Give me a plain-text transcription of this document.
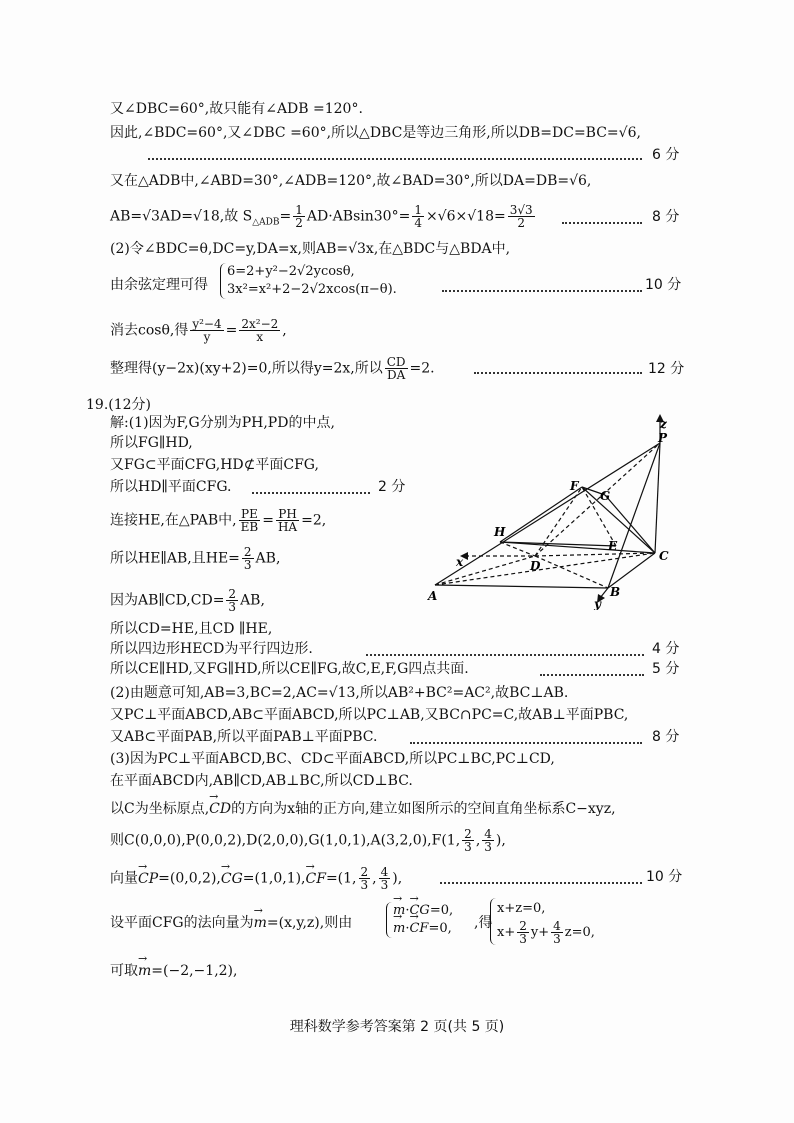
又∠DBC=60°,故只能有∠ADB =120°.
因此,∠BDC=60°,又∠DBC =60°,所以△DBC是等边三角形,所以DB=DC=BC=√6,
6 分
又在△ADB中,∠ABD=30°,∠ADB=120°,故∠BAD=30°,所以DA=DB=√6,
AB=√3AD=√18,故 $S_{\triangle ADB}= \frac{1}{2} AD\cdot ABsin30^\circ= \frac{1}{4} \times√6\times√18= \frac{3√3}{2}$	8 分
(2)令∠BDC=θ,DC=y,DA=x,则AB=√3x,在△BDC与△BDA中,
由余弦定理可得
6=2+y²−2√2ycosθ,
3x²=x²+2−2√2xcos(π−θ).	10 分
消去cosθ,得 $\frac{\text{y²−4}}{y} = \frac{\text{2x²−2}}{x}$ ,
整理得(y−2x)(xy+2)=0,所以得y=2x,所以 $\frac{CD}{DA} =2$.	12 分
19.(12分)
解:(1)因为F,G分别为PH,PD的中点,
所以FG∥HD,
又FG⊂平面CFG,HD⊄平面CFG,
所以HD∥平面CFG.	2 分
连接HE,在△PAB中, $\frac{PE}{EB} = \frac{PH}{HA} =2$,
所以HE∥AB,且$HE= \frac{2}{3}$ AB,
因为AB∥CD,CD= $\frac{2}{3}$ AB,
所以CD=HE,且CD ∥HE,
所以四边形HECD为平行四边形.	4 分
所以CE∥HD,又FG∥HD,所以CE∥FG,故C,E,F,G四点共面.	5 分
(2)由题意可知,AB=3,BC=2,AC=√13,所以AB²+BC²=AC²,故BC⊥AB.
又PC⊥平面ABCD,AB⊂平面ABCD,所以PC⊥AB,又BC∩PC=C,故AB⊥平面PBC,
又AB⊂平面PAB,所以平面PAB⊥平面PBC.	8 分
(3)因为PC⊥平面ABCD,BC、CD⊂平面ABCD,所以PC⊥BC,PC⊥CD,
在平面ABCD内,AB∥CD,AB⊥BC,所以CD⊥BC.
以C为坐标原点,→ CD的方向为x轴的正方向,建立如图所示的空间直角坐标系C−xyz,
则C(0,0,0),P(0,0,2),D(2,0,0),G(1,0,1),A(3,2,0),F(1, $\frac{2}{3}$ , $\frac{4}{3}$ ),
向量→ CP=(0,0,2),→ CG=(1,0,1),→ CF=(1, $\frac{2}{3}$ , $\frac{4}{3}$ ),	10 分
设平面CFG的法向量为→ m=(x,y,z),则由
→ m·→ CG=0,
→ m·→ CF=0, ,得
x+z=0,
$x+ \frac{2}{3} y+ \frac{4}{3} z=0$,
可取→ m=(−2,−1,2),
z
P
F
G
H
E
C
D
x
A	B
y
理科数学参考答案第 2 页(共 5 页)
